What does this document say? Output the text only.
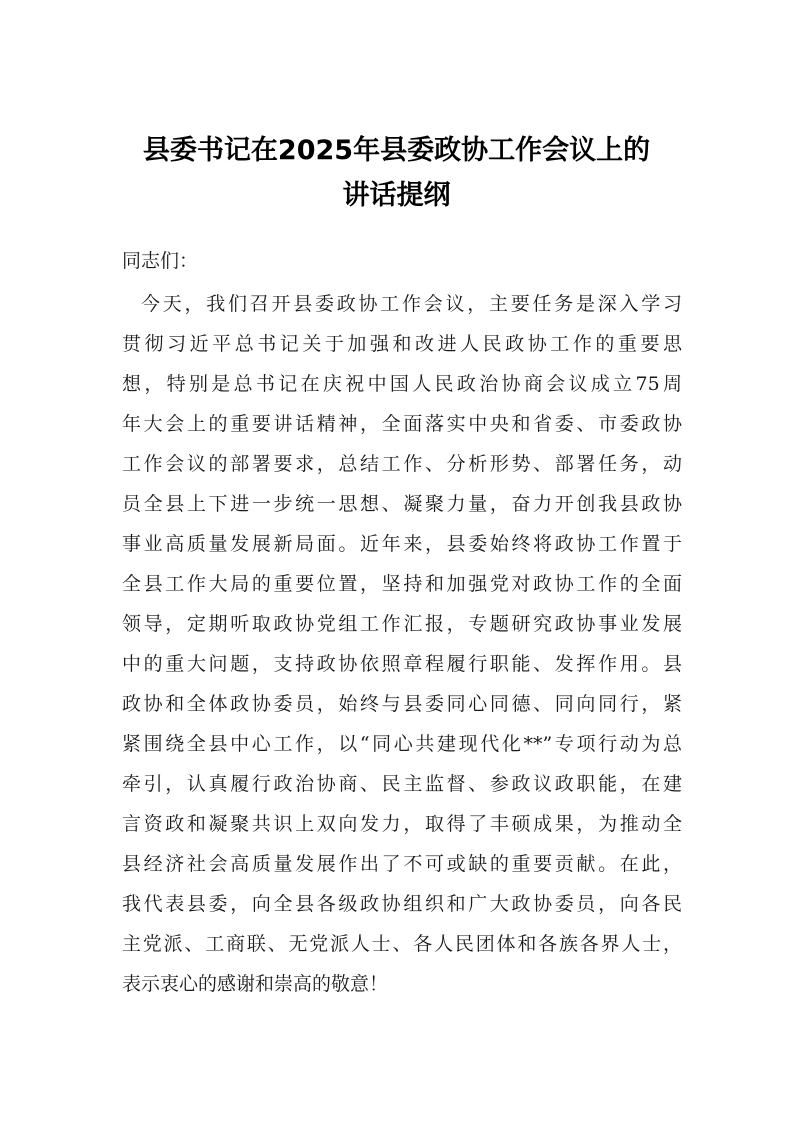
县委书记在2025年县委政协工作会议上的
讲话提纲
同志们：
今天，我们召开县委政协工作会议，主要任务是深入学习
贯彻习近平总书记关于加强和改进人民政协工作的重要思
想，特别是总书记在庆祝中国人民政治协商会议成立75周
年大会上的重要讲话精神，全面落实中央和省委、市委政协
工作会议的部署要求，总结工作、分析形势、部署任务，动
员全县上下进一步统一思想、凝聚力量，奋力开创我县政协
事业高质量发展新局面。近年来，县委始终将政协工作置于
全县工作大局的重要位置，坚持和加强党对政协工作的全面
领导，定期听取政协党组工作汇报，专题研究政协事业发展
中的重大问题，支持政协依照章程履行职能、发挥作用。县
政协和全体政协委员，始终与县委同心同德、同向同行，紧
紧围绕全县中心工作，以“同心共建现代化**”专项行动为总
牵引，认真履行政治协商、民主监督、参政议政职能，在建
言资政和凝聚共识上双向发力，取得了丰硕成果，为推动全
县经济社会高质量发展作出了不可或缺的重要贡献。在此，
我代表县委，向全县各级政协组织和广大政协委员，向各民
主党派、工商联、无党派人士、各人民团体和各族各界人士，
表示衷心的感谢和崇高的敬意！
